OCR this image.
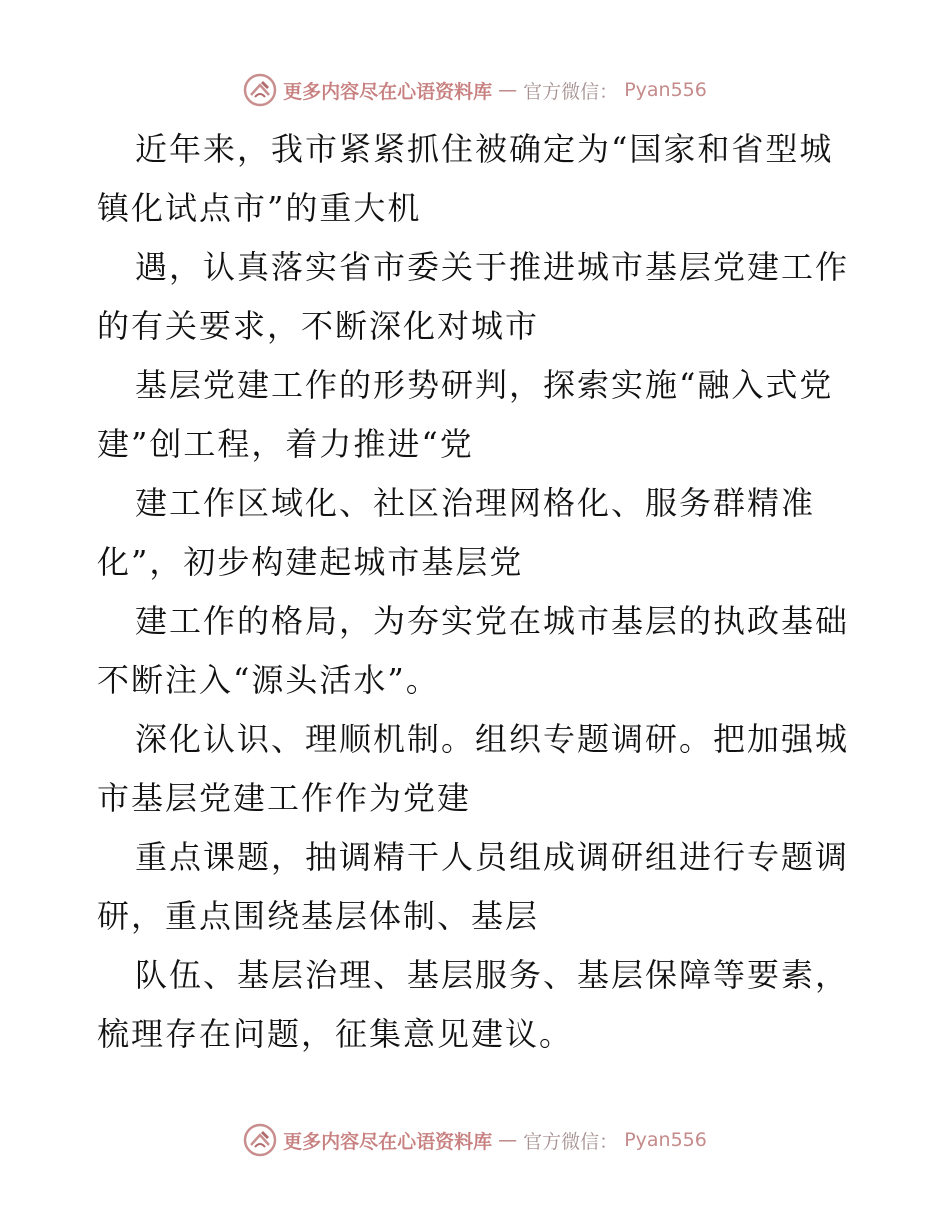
更多内容尽在心语资料库 — 官方微信： Pyan556

近年来，我市紧紧抓住被确定为“国家和省型城镇化试点市”的重大机

遇，认真落实省市委关于推进城市基层党建工作的有关要求，不断深化对城市

基层党建工作的形势研判，探索实施“融入式党建”创工程，着力推进“党

建工作区域化、社区治理网格化、服务群精准化”，初步构建起城市基层党

建工作的格局，为夯实党在城市基层的执政基础不断注入“源头活水”。

深化认识、理顺机制。组织专题调研。把加强城市基层党建工作作为党建

重点课题，抽调精干人员组成调研组进行专题调研，重点围绕基层体制、基层

队伍、基层治理、基层服务、基层保障等要素，梳理存在问题，征集意见建议。

更多内容尽在心语资料库 — 官方微信： Pyan556
